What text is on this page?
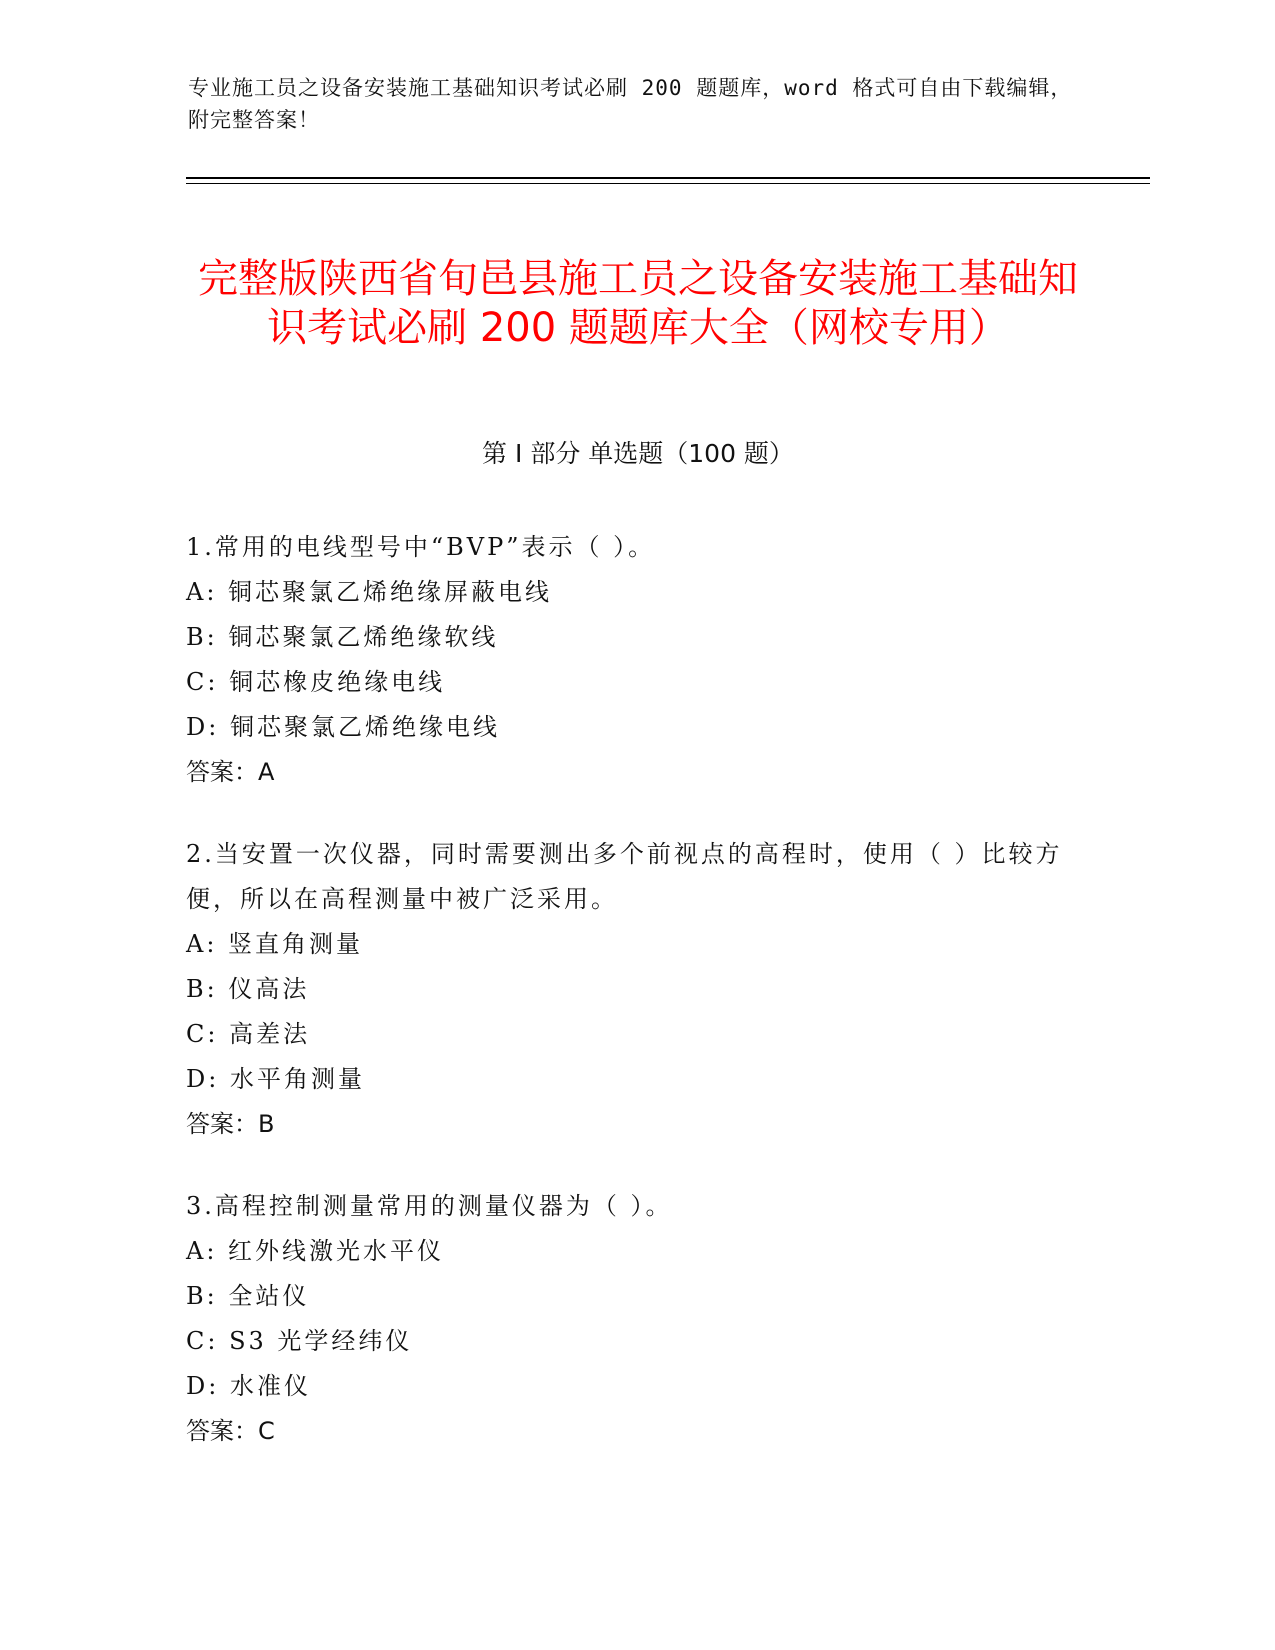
专业施工员之设备安装施工基础知识考试必刷 200 题题库，word 格式可自由下载编辑，附完整答案！
完整版陕西省旬邑县施工员之设备安装施工基础知识考试必刷 200 题题库大全（网校专用）
第 I 部分 单选题（100 题）
1.常用的电线型号中“BVP”表示（ ）。
A: 铜芯聚氯乙烯绝缘屏蔽电线
B: 铜芯聚氯乙烯绝缘软线
C: 铜芯橡皮绝缘电线
D: 铜芯聚氯乙烯绝缘电线
答案：A
2.当安置一次仪器，同时需要测出多个前视点的高程时，使用（ ）比较方便，所以在高程测量中被广泛采用。
A: 竖直角测量
B: 仪高法
C: 高差法
D: 水平角测量
答案：B
3.高程控制测量常用的测量仪器为（ ）。
A: 红外线激光水平仪
B: 全站仪
C: S3 光学经纬仪
D: 水准仪
答案：C
